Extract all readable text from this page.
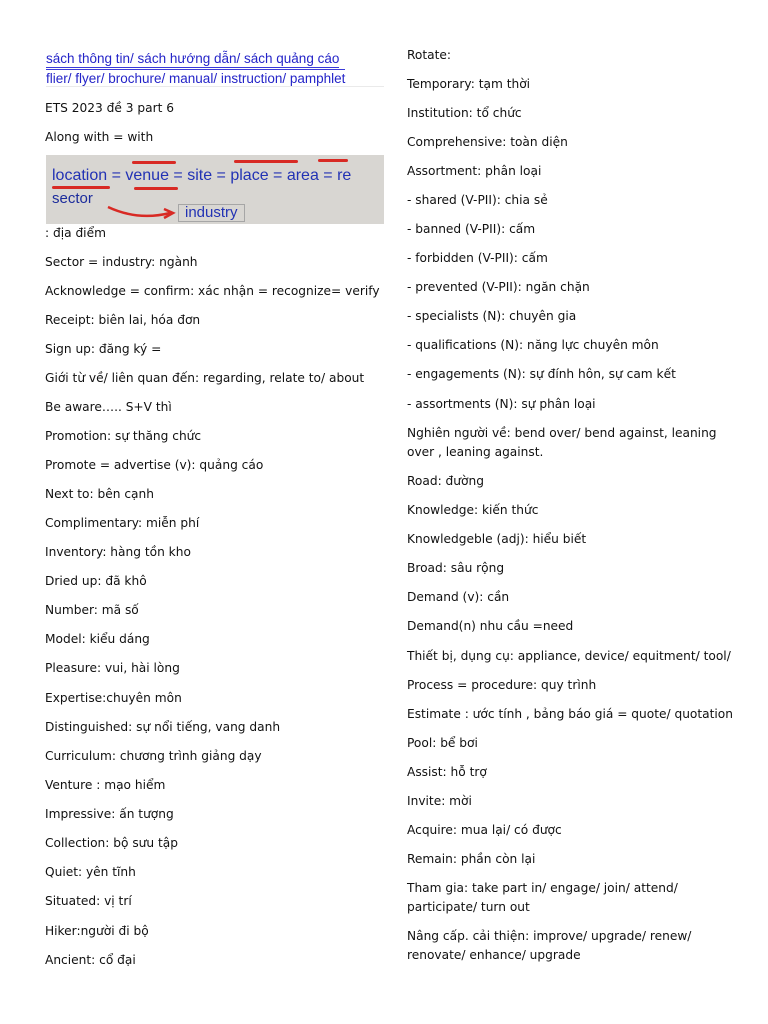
sách thông tin/ sách hướng dẫn/ sách quảng cáo
flier/ flyer/ brochure/ manual/ instruction/ pamphlet
location = venue = site = place = area = re
sector
industry
ETS 2023 đề 3 part 6
Along with = with
: địa điểm
Sector = industry: ngành
Acknowledge = confirm: xác nhận = recognize= verify
Receipt: biên lai, hóa đơn
Sign up: đăng ký =
Giới từ về/ liên quan đến: regarding, relate to/ about
Be aware….. S+V thì
Promotion: sự thăng chức
Promote = advertise (v): quảng cáo
Next to: bên cạnh
Complimentary: miễn phí
Inventory: hàng tồn kho
Dried up: đã khô
Number: mã số
Model: kiểu dáng
Pleasure: vui, hài lòng
Expertise:chuyên môn
Distinguished: sự nổi tiếng, vang danh
Curriculum: chương trình giảng dạy
Venture : mạo hiểm
Impressive: ấn tượng
Collection: bộ sưu tập
Quiet: yên tĩnh
Situated: vị trí
Hiker:người đi bộ
Ancient: cổ đại
Rotate:
Temporary: tạm thời
Institution: tổ chức
Comprehensive: toàn diện
Assortment: phân loại
- shared (V-PII): chia sẻ
- banned (V-PII): cấm
- forbidden (V-PII): cấm
- prevented (V-PII): ngăn chặn
- specialists (N): chuyên gia
- qualifications (N): năng lực chuyên môn
- engagements (N): sự đính hôn, sự cam kết
- assortments (N): sự phân loại
Nghiên người về: bend over/ bend against, leaning over , leaning against.
Road: đường
Knowledge: kiến thức
Knowledgeble (adj): hiểu biết
Broad: sâu rộng
Demand (v): cần
Demand(n) nhu cầu =need
Thiết bị, dụng cụ: appliance, device/ equitment/ tool/
Process = procedure: quy trình
Estimate : ước tính , bảng báo giá = quote/ quotation
Pool: bể bơi
Assist: hỗ trợ
Invite: mời
Acquire: mua lại/ có được
Remain: phần còn lại
Tham gia: take part in/ engage/ join/ attend/ participate/ turn out
Nâng cấp. cải thiện: improve/ upgrade/ renew/ renovate/ enhance/ upgrade
